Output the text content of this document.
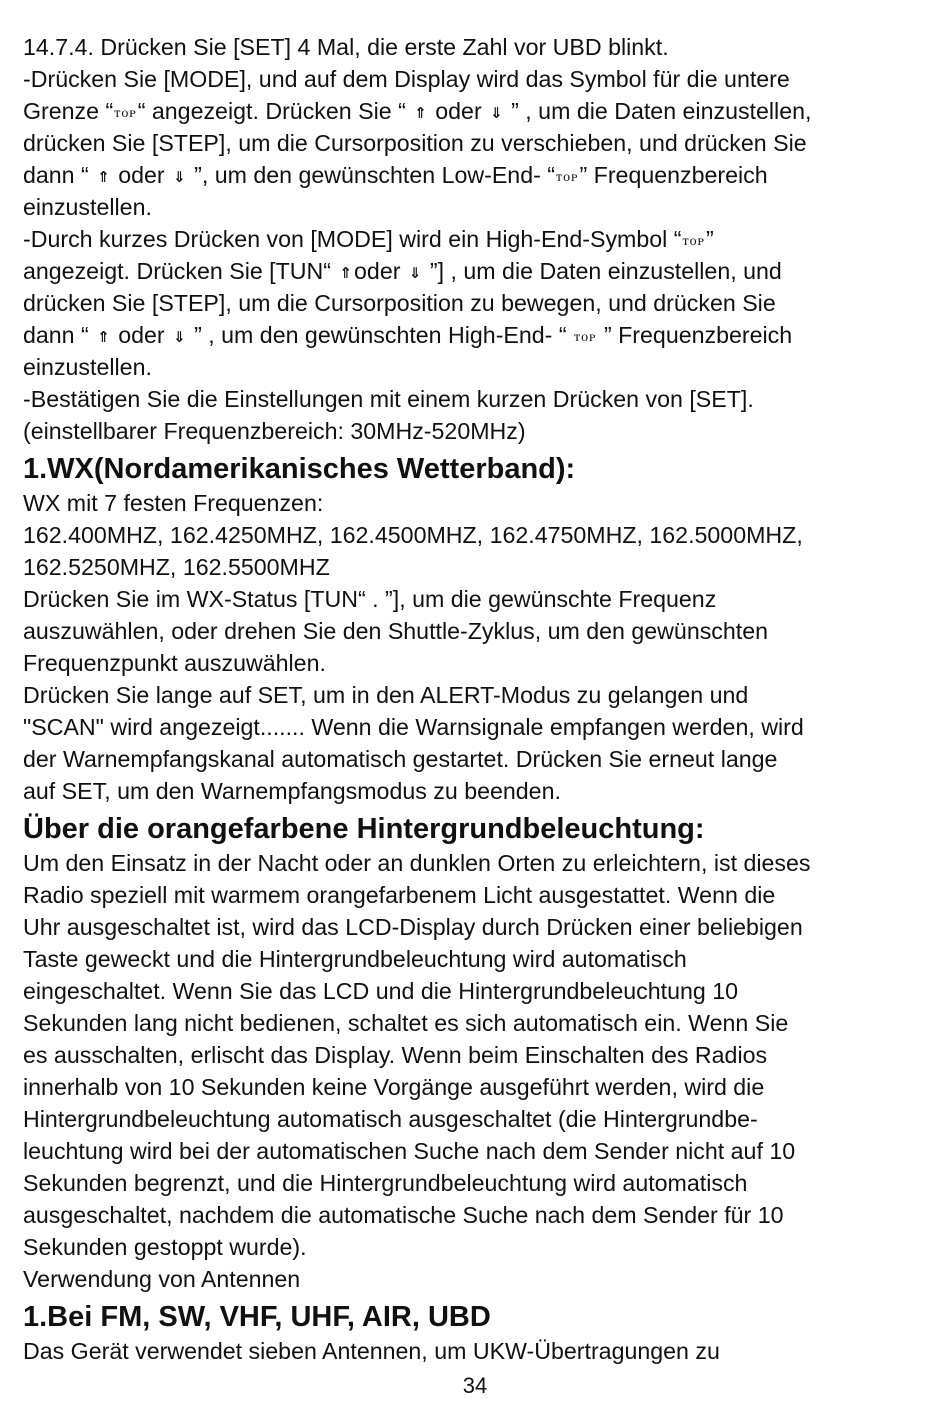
14.7.4. Drücken Sie [SET] 4 Mal, die erste Zahl vor UBD blinkt.
-Drücken Sie [MODE], und auf dem Display wird das Symbol für die untere
Grenze “ᴛᴏᴩ“ angezeigt. Drücken Sie “ ⇑ oder ⇓ ” , um die Daten einzustellen,
drücken Sie [STEP], um die Cursorposition zu verschieben, und drücken Sie
dann “ ⇑ oder ⇓ ”, um den gewünschten Low-End- “ᴛᴏᴩ” Frequenzbereich
einzustellen.
-Durch kurzes Drücken von [MODE] wird ein High-End-Symbol “ᴛᴏᴩ”
angezeigt. Drücken Sie [TUN“ ⇑oder ⇓ ”] , um die Daten einzustellen, und
drücken Sie [STEP], um die Cursorposition zu bewegen, und drücken Sie
dann “ ⇑ oder ⇓ ” , um den gewünschten High-End- “ ᴛᴏᴩ ” Frequenzbereich
einzustellen.
-Bestätigen Sie die Einstellungen mit einem kurzen Drücken von [SET].
(einstellbarer Frequenzbereich: 30MHz-520MHz)
1.WX(Nordamerikanisches Wetterband):
WX mit 7 festen Frequenzen:
162.400MHZ, 162.4250MHZ, 162.4500MHZ, 162.4750MHZ, 162.5000MHZ,
162.5250MHZ, 162.5500MHZ
Drücken Sie im WX-Status [TUN“ . ”], um die gewünschte Frequenz
auszuwählen, oder drehen Sie den Shuttle-Zyklus, um den gewünschten
Frequenzpunkt auszuwählen.
Drücken Sie lange auf SET, um in den ALERT-Modus zu gelangen und
"SCAN" wird angezeigt....... Wenn die Warnsignale empfangen werden, wird
der Warnempfangskanal automatisch gestartet. Drücken Sie erneut lange
auf SET, um den Warnempfangsmodus zu beenden.
Über die orangefarbene Hintergrundbeleuchtung:
Um den Einsatz in der Nacht oder an dunklen Orten zu erleichtern, ist dieses
Radio speziell mit warmem orangefarbenem Licht ausgestattet. Wenn die
Uhr ausgeschaltet ist, wird das LCD-Display durch Drücken einer beliebigen
Taste geweckt und die Hintergrundbeleuchtung wird automatisch
eingeschaltet. Wenn Sie das LCD und die Hintergrundbeleuchtung 10
Sekunden lang nicht bedienen, schaltet es sich automatisch ein. Wenn Sie
es ausschalten, erlischt das Display. Wenn beim Einschalten des Radios
innerhalb von 10 Sekunden keine Vorgänge ausgeführt werden, wird die
Hintergrundbeleuchtung automatisch ausgeschaltet (die Hintergrundbe-
leuchtung wird bei der automatischen Suche nach dem Sender nicht auf 10
Sekunden begrenzt, und die Hintergrundbeleuchtung wird automatisch
ausgeschaltet, nachdem die automatische Suche nach dem Sender für 10
Sekunden gestoppt wurde).
Verwendung von Antennen
1.Bei FM, SW, VHF, UHF, AIR, UBD
Das Gerät verwendet sieben Antennen, um UKW-Übertragungen zu
34
